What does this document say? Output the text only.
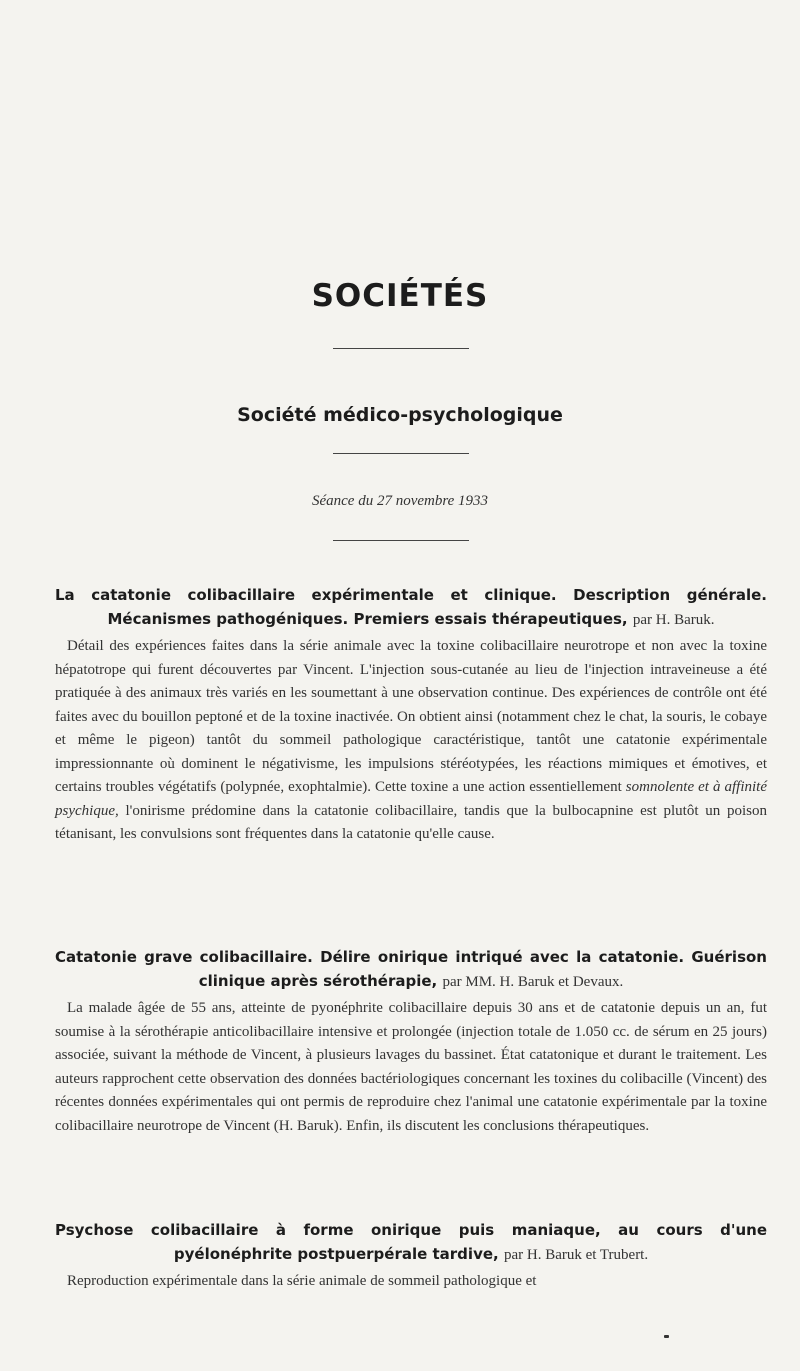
SOCIÉTÉS
Société médico-psychologique
Séance du 27 novembre 1933

La catatonie colibacillaire expérimentale et clinique. Description générale. Mécanismes pathogéniques. Premiers essais thérapeutiques, par H. Baruk.

Détail des expériences faites dans la série animale avec la toxine colibacillaire neurotrope et non avec la toxine hépatotrope qui furent découvertes par Vincent. L'injection sous-cutanée au lieu de l'injection intraveineuse a été pratiquée à des animaux très variés en les soumettant à une observation continue. Des expériences de contrôle ont été faites avec du bouillon peptoné et de la toxine inactivée. On obtient ainsi (notamment chez le chat, la souris, le cobaye et même le pigeon) tantôt du sommeil pathologique caractéristique, tantôt une catatonie expérimentale impressionnante où dominent le négativisme, les impulsions stéréotypées, les réactions mimiques et émotives, et certains troubles végétatifs (polypnée, exophtalmie). Cette toxine a une action essentiellement somnolente et à affinité psychique, l'onirisme prédomine dans la catatonie colibacillaire, tandis que la bulbocapnine est plutôt un poison tétanisant, les convulsions sont fréquentes dans la catatonie qu'elle cause.

Catatonie grave colibacillaire. Délire onirique intriqué avec la catatonie. Guérison clinique après sérothérapie, par MM. H. Baruk et Devaux.

La malade âgée de 55 ans, atteinte de pyonéphrite colibacillaire depuis 30 ans et de catatonie depuis un an, fut soumise à la sérothérapie anticolibacillaire intensive et prolongée (injection totale de 1.050 cc. de sérum en 25 jours) associée, suivant la méthode de Vincent, à plusieurs lavages du bassinet. État catatonique et durant le traitement. Les auteurs rapprochent cette observation des données bactériologiques concernant les toxines du colibacille (Vincent) des récentes données expérimentales qui ont permis de reproduire chez l'animal une catatonie expérimentale par la toxine colibacillaire neurotrope de Vincent (H. Baruk). Enfin, ils discutent les conclusions thérapeutiques.

Psychose colibacillaire à forme onirique puis maniaque, au cours d'une pyélonéphrite postpuerpérale tardive, par H. Baruk et Trubert.

Reproduction expérimentale dans la série animale de sommeil pathologique et
